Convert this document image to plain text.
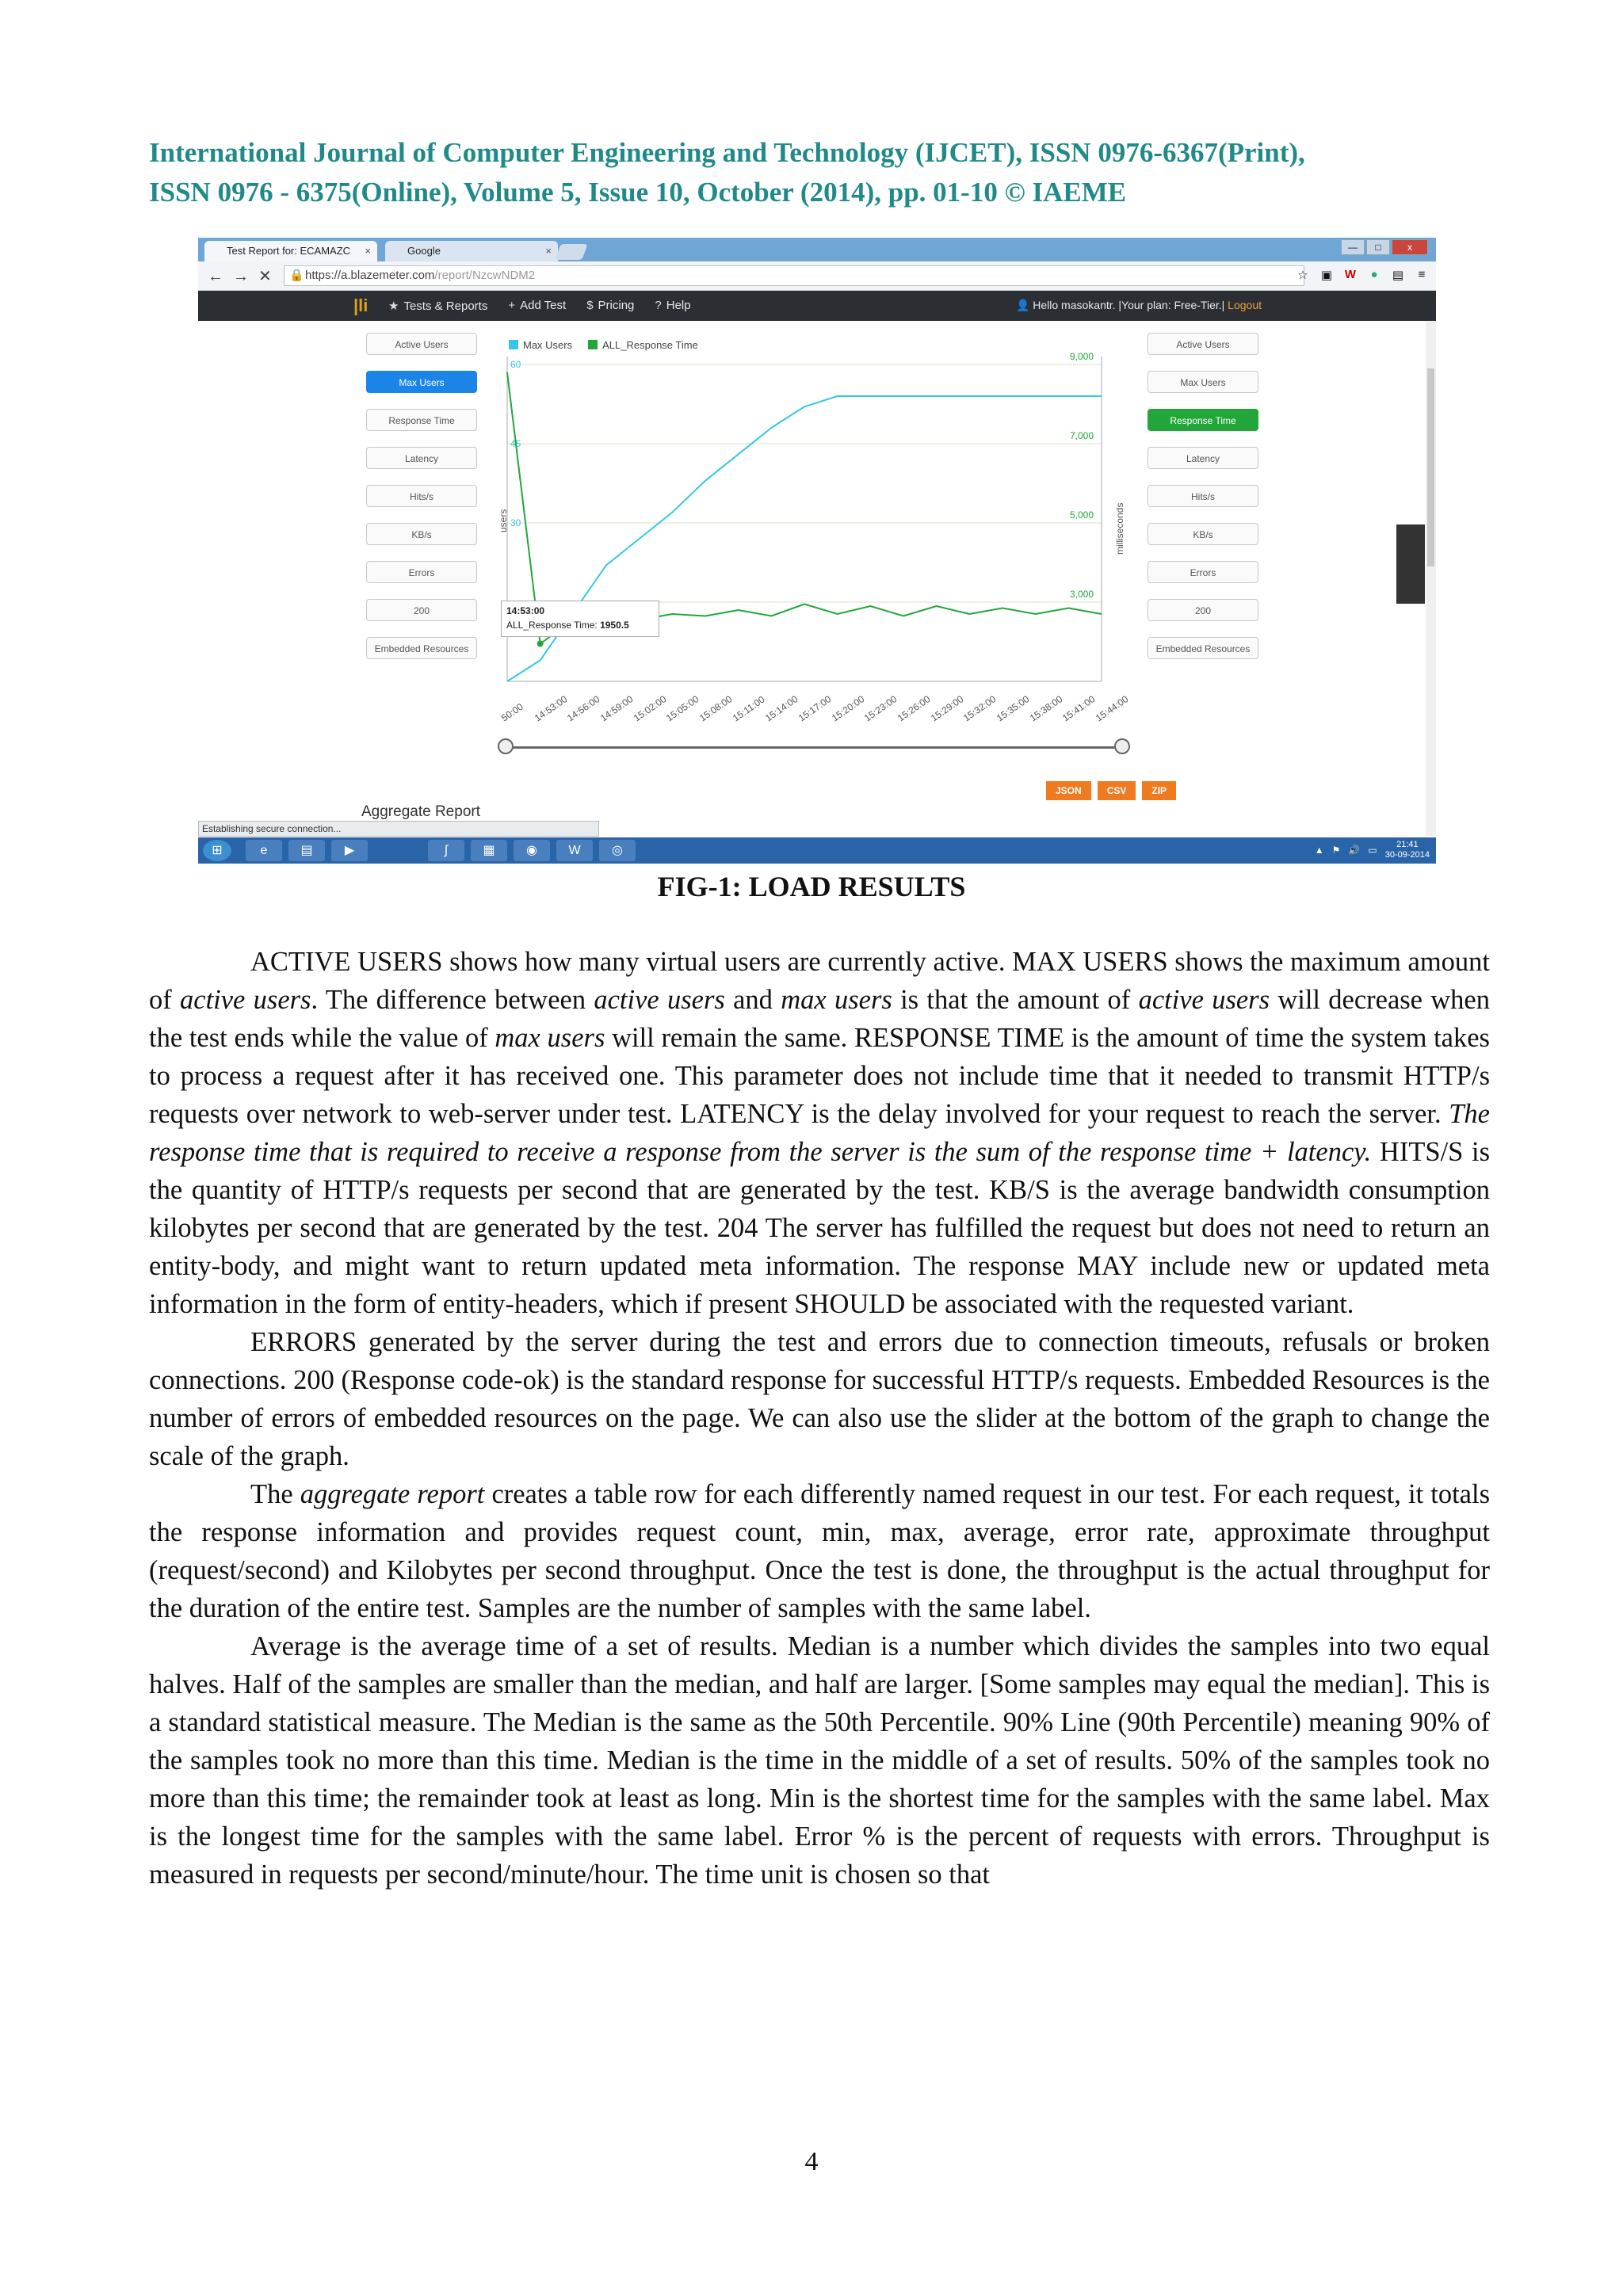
International Journal of Computer Engineering and Technology (IJCET), ISSN 0976-6367(Print),
ISSN 0976 - 6375(Online), Volume 5, Issue 10, October (2014), pp. 01-10 © IAEME
Test Report for: ECAMAZC ×	Google	×	—	□	x
←→✕ 🔒 https://a.blazemeter.com/report/NzcwNDM2	☆ ▣ W	●	▤	≡
|li ★ Tests & Reports + Add Test $ Pricing ? Help	👤 Hello masokantr. |Your plan: Free-Tier.| Logout
Active Users
Max Users
Response Time
Latency
Hits/s
KB/s
Errors
200
Embedded Resources
Active Users
Max Users
Response Time
Latency
Hits/s
KB/s
Errors
200
Embedded Resources
Max Users	ALL_Response Time
9,000
7,000
5,000
3,000
60
45
30
users	milliseconds
14:53:00
ALL_Response Time: 1950.5
50:00 14:53:00
14:56:00
14:59:00
15:02:00
15:05:00
15:08:00
15:11:00
15:14:00
15:17:00
15:20:00
15:23:00
15:26:00
15:29:00
15:32:00
15:35:00
15:38:00
15:41:00
15:44:00
JSON	CSV	ZIP
Aggregate Report
Establishing secure connection...
⊞	e	▤	▶	∫	▦	◉	W	◎	▲ ⚑ 🔊 ▭	21:41
30-09-2014
FIG-1: LOAD RESULTS

ACTIVE USERS shows how many virtual users are currently active. MAX USERS shows the maximum amount of active users. The difference between active users and max users is that the amount of active users will decrease when the test ends while the value of max users will remain the same. RESPONSE TIME is the amount of time the system takes to process a request after it has received one. This parameter does not include time that it needed to transmit HTTP/s requests over network to web-server under test. LATENCY is the delay involved for your request to reach the server. The response time that is required to receive a response from the server is the sum of the response time + latency. HITS/S is the quantity of HTTP/s requests per second that are generated by the test. KB/S is the average bandwidth consumption kilobytes per second that are generated by the test. 204 The server has fulfilled the request but does not need to return an entity-body, and might want to return updated meta information. The response MAY include new or updated meta information in the form of entity-headers, which if present SHOULD be associated with the requested variant.

ERRORS generated by the server during the test and errors due to connection timeouts, refusals or broken connections. 200 (Response code-ok) is the standard response for successful HTTP/s requests. Embedded Resources is the number of errors of embedded resources on the page. We can also use the slider at the bottom of the graph to change the scale of the graph.

The aggregate report creates a table row for each differently named request in our test. For each request, it totals the response information and provides request count, min, max, average, error rate, approximate throughput (request/second) and Kilobytes per second throughput. Once the test is done, the throughput is the actual throughput for the duration of the entire test. Samples are the number of samples with the same label.

Average is the average time of a set of results. Median is a number which divides the samples into two equal halves. Half of the samples are smaller than the median, and half are larger. [Some samples may equal the median]. This is a standard statistical measure. The Median is the same as the 50th Percentile. 90% Line (90th Percentile) meaning 90% of the samples took no more than this time. Median is the time in the middle of a set of results. 50% of the samples took no more than this time; the remainder took at least as long. Min is the shortest time for the samples with the same label. Max is the longest time for the samples with the same label. Error % is the percent of requests with errors. Throughput is measured in requests per second/minute/hour. The time unit is chosen so that

4
